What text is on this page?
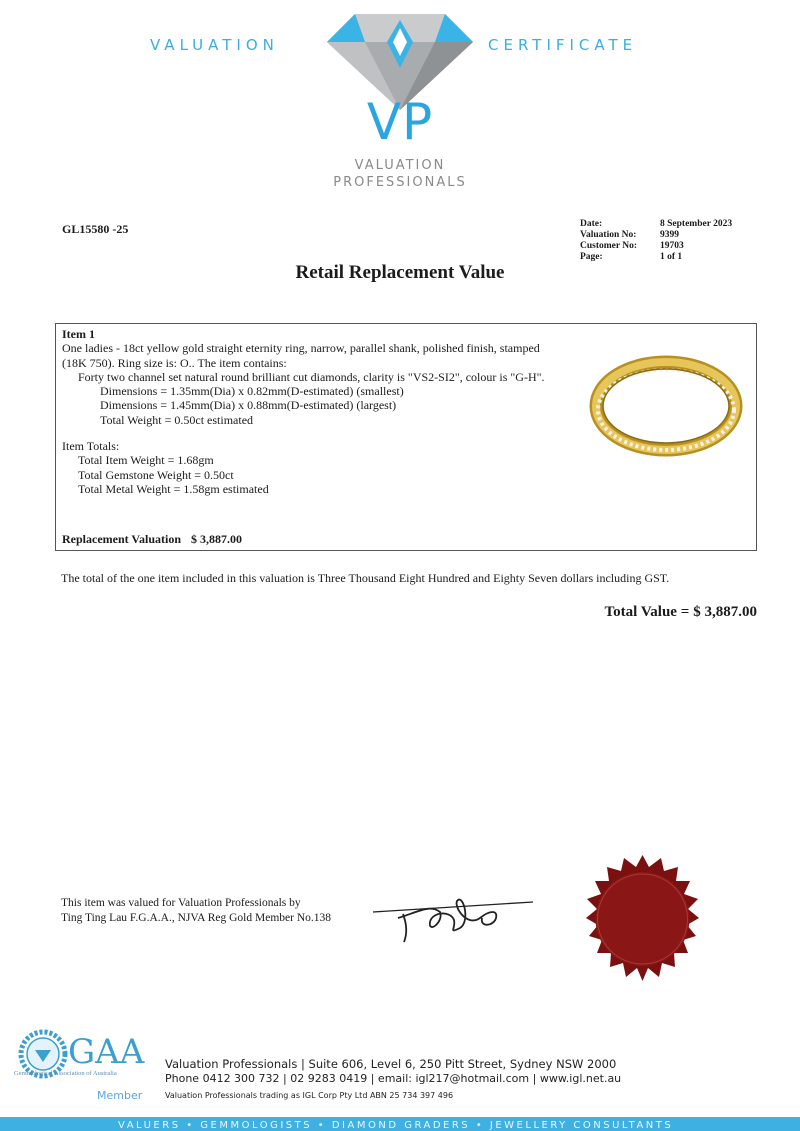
VALUATION	CERTIFICATE
VP
VALUATION
PROFESSIONALS
GL15580 -25	Date:	8 September 2023
Valuation No:	9399
Customer No:	19703
Page:	1 of 1
Retail Replacement Value
Item 1
One ladies - 18ct yellow gold straight eternity ring, narrow, parallel shank, polished finish, stamped (18K 750). Ring size is: O.. The item contains:
Forty two channel set natural round brilliant cut diamonds, clarity is "VS2-SI2", colour is "G-H".
Dimensions = 1.35mm(Dia) x 0.82mm(D-estimated) (smallest)
Dimensions = 1.45mm(Dia) x 0.88mm(D-estimated) (largest)
Total Weight = 0.50ct estimated
Item Totals:
Total Item Weight = 1.68gm
Total Gemstone Weight = 0.50ct
Total Metal Weight = 1.58gm estimated
Replacement Valuation $ 3,887.00
The total of the one item included in this valuation is Three Thousand Eight Hundred and Eighty Seven dollars including GST.
Total Value = $ 3,887.00
This item was valued for Valuation Professionals by
Ting Ting Lau F.G.A.A., NJVA Reg Gold Member No.138
GAA
Gemmological Association of Australia
Member
Valuation Professionals | Suite 606, Level 6, 250 Pitt Street, Sydney NSW 2000
Phone 0412 300 732 | 02 9283 0419 | email: igl217@hotmail.com | www.igl.net.au
Valuation Professionals trading as IGL Corp Pty Ltd ABN 25 734 397 496
VALUERS • GEMMOLOGISTS • DIAMOND GRADERS • JEWELLERY CONSULTANTS
